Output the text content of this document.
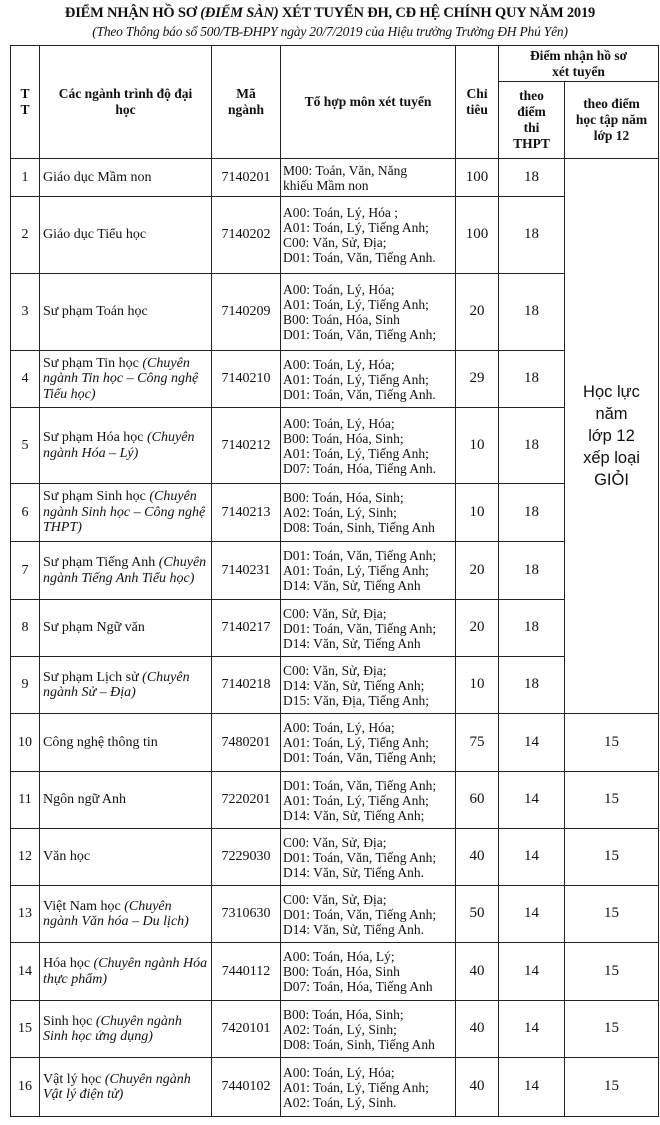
ĐIỂM NHẬN HỒ SƠ (ĐIỂM SÀN) XÉT TUYỂN ĐH, CĐ HỆ CHÍNH QUY NĂM 2019
(Theo Thông báo số 500/TB-ĐHPY ngày 20/7/2019 của Hiệu trưởng Trường ĐH Phú Yên)
T T	Các ngành trình độ đại học	Mã ngành	Tổ hợp môn xét tuyển	Chỉ tiêu	Điểm nhận hồ sơ xét tuyển	
					theo điểm thi THPT	theo điểm học tập năm lớp 12
1	Giáo dục Mầm non	7140201	M00: Toán, Văn, Năng
khiếu Mầm non	100	18	Học lực năm lớp 12 xếp loại GIỎI
2	Giáo dục Tiểu học	7140202	A00: Toán, Lý, Hóa ;
A01: Toán, Lý, Tiếng Anh;
C00: Văn, Sử, Địa;
D01: Toán, Văn, Tiếng Anh.	100	18	
3	Sư phạm Toán học	7140209	A00: Toán, Lý, Hóa;
A01: Toán, Lý, Tiếng Anh;
B00: Toán, Hóa, Sinh
D01: Toán, Văn, Tiếng Anh;	20	18	
4	Sư phạm Tin học (Chuyên ngành Tin học – Công nghệ Tiểu học)	7140210	A00: Toán, Lý, Hóa;
A01: Toán, Lý, Tiếng Anh;
D01: Toán, Văn, Tiếng Anh.	29	18	
5	Sư phạm Hóa học (Chuyên ngành Hóa – Lý)	7140212	A00: Toán, Lý, Hóa;
B00: Toán, Hóa, Sinh;
A01: Toán, Lý, Tiếng Anh;
D07: Toán, Hóa, Tiếng Anh.	10	18	
6	Sư phạm Sinh học (Chuyên ngành Sinh học – Công nghệ THPT)	7140213	B00: Toán, Hóa, Sinh;
A02: Toán, Lý, Sinh;
D08: Toán, Sinh, Tiếng Anh	10	18	
7	Sư phạm Tiếng Anh (Chuyên ngành Tiếng Anh Tiểu học)	7140231	D01: Toán, Văn, Tiếng Anh;
A01: Toán, Lý, Tiếng Anh;
D14: Văn, Sử, Tiếng Anh	20	18	
8	Sư phạm Ngữ văn	7140217	C00: Văn, Sử, Địa;
D01: Toán, Văn, Tiếng Anh;
D14: Văn, Sử, Tiếng Anh	20	18	
9	Sư phạm Lịch sử (Chuyên ngành Sử – Địa)	7140218	C00: Văn, Sử, Địa;
D14: Văn, Sử, Tiếng Anh;
D15: Văn, Địa, Tiếng Anh;	10	18	
10	Công nghệ thông tin	7480201	A00: Toán, Lý, Hóa;
A01: Toán, Lý, Tiếng Anh;
D01: Toán, Văn, Tiếng Anh;	75	14	15
11	Ngôn ngữ Anh	7220201	D01: Toán, Văn, Tiếng Anh;
A01: Toán, Lý, Tiếng Anh;
D14: Văn, Sử, Tiếng Anh;	60	14	15
12	Văn học	7229030	C00: Văn, Sử, Địa;
D01: Toán, Văn, Tiếng Anh;
D14: Văn, Sử, Tiếng Anh.	40	14	15
13	Việt Nam học (Chuyên ngành Văn hóa – Du lịch)	7310630	C00: Văn, Sử, Địa;
D01: Toán, Văn, Tiếng Anh;
D14: Văn, Sử, Tiếng Anh.	50	14	15
14	Hóa học (Chuyên ngành Hóa thực phẩm)	7440112	A00: Toán, Hóa, Lý;
B00: Toán, Hóa, Sinh
D07: Toán, Hóa, Tiếng Anh	40	14	15
15	Sinh học (Chuyên ngành Sinh học ứng dụng)	7420101	B00: Toán, Hóa, Sinh;
A02: Toán, Lý, Sinh;
D08: Toán, Sinh, Tiếng Anh	40	14	15
16	Vật lý học (Chuyên ngành Vật lý điện tử)	7440102	A00: Toán, Lý, Hóa;
A01: Toán, Lý, Tiếng Anh;
A02: Toán, Lý, Sinh.	40	14	15
